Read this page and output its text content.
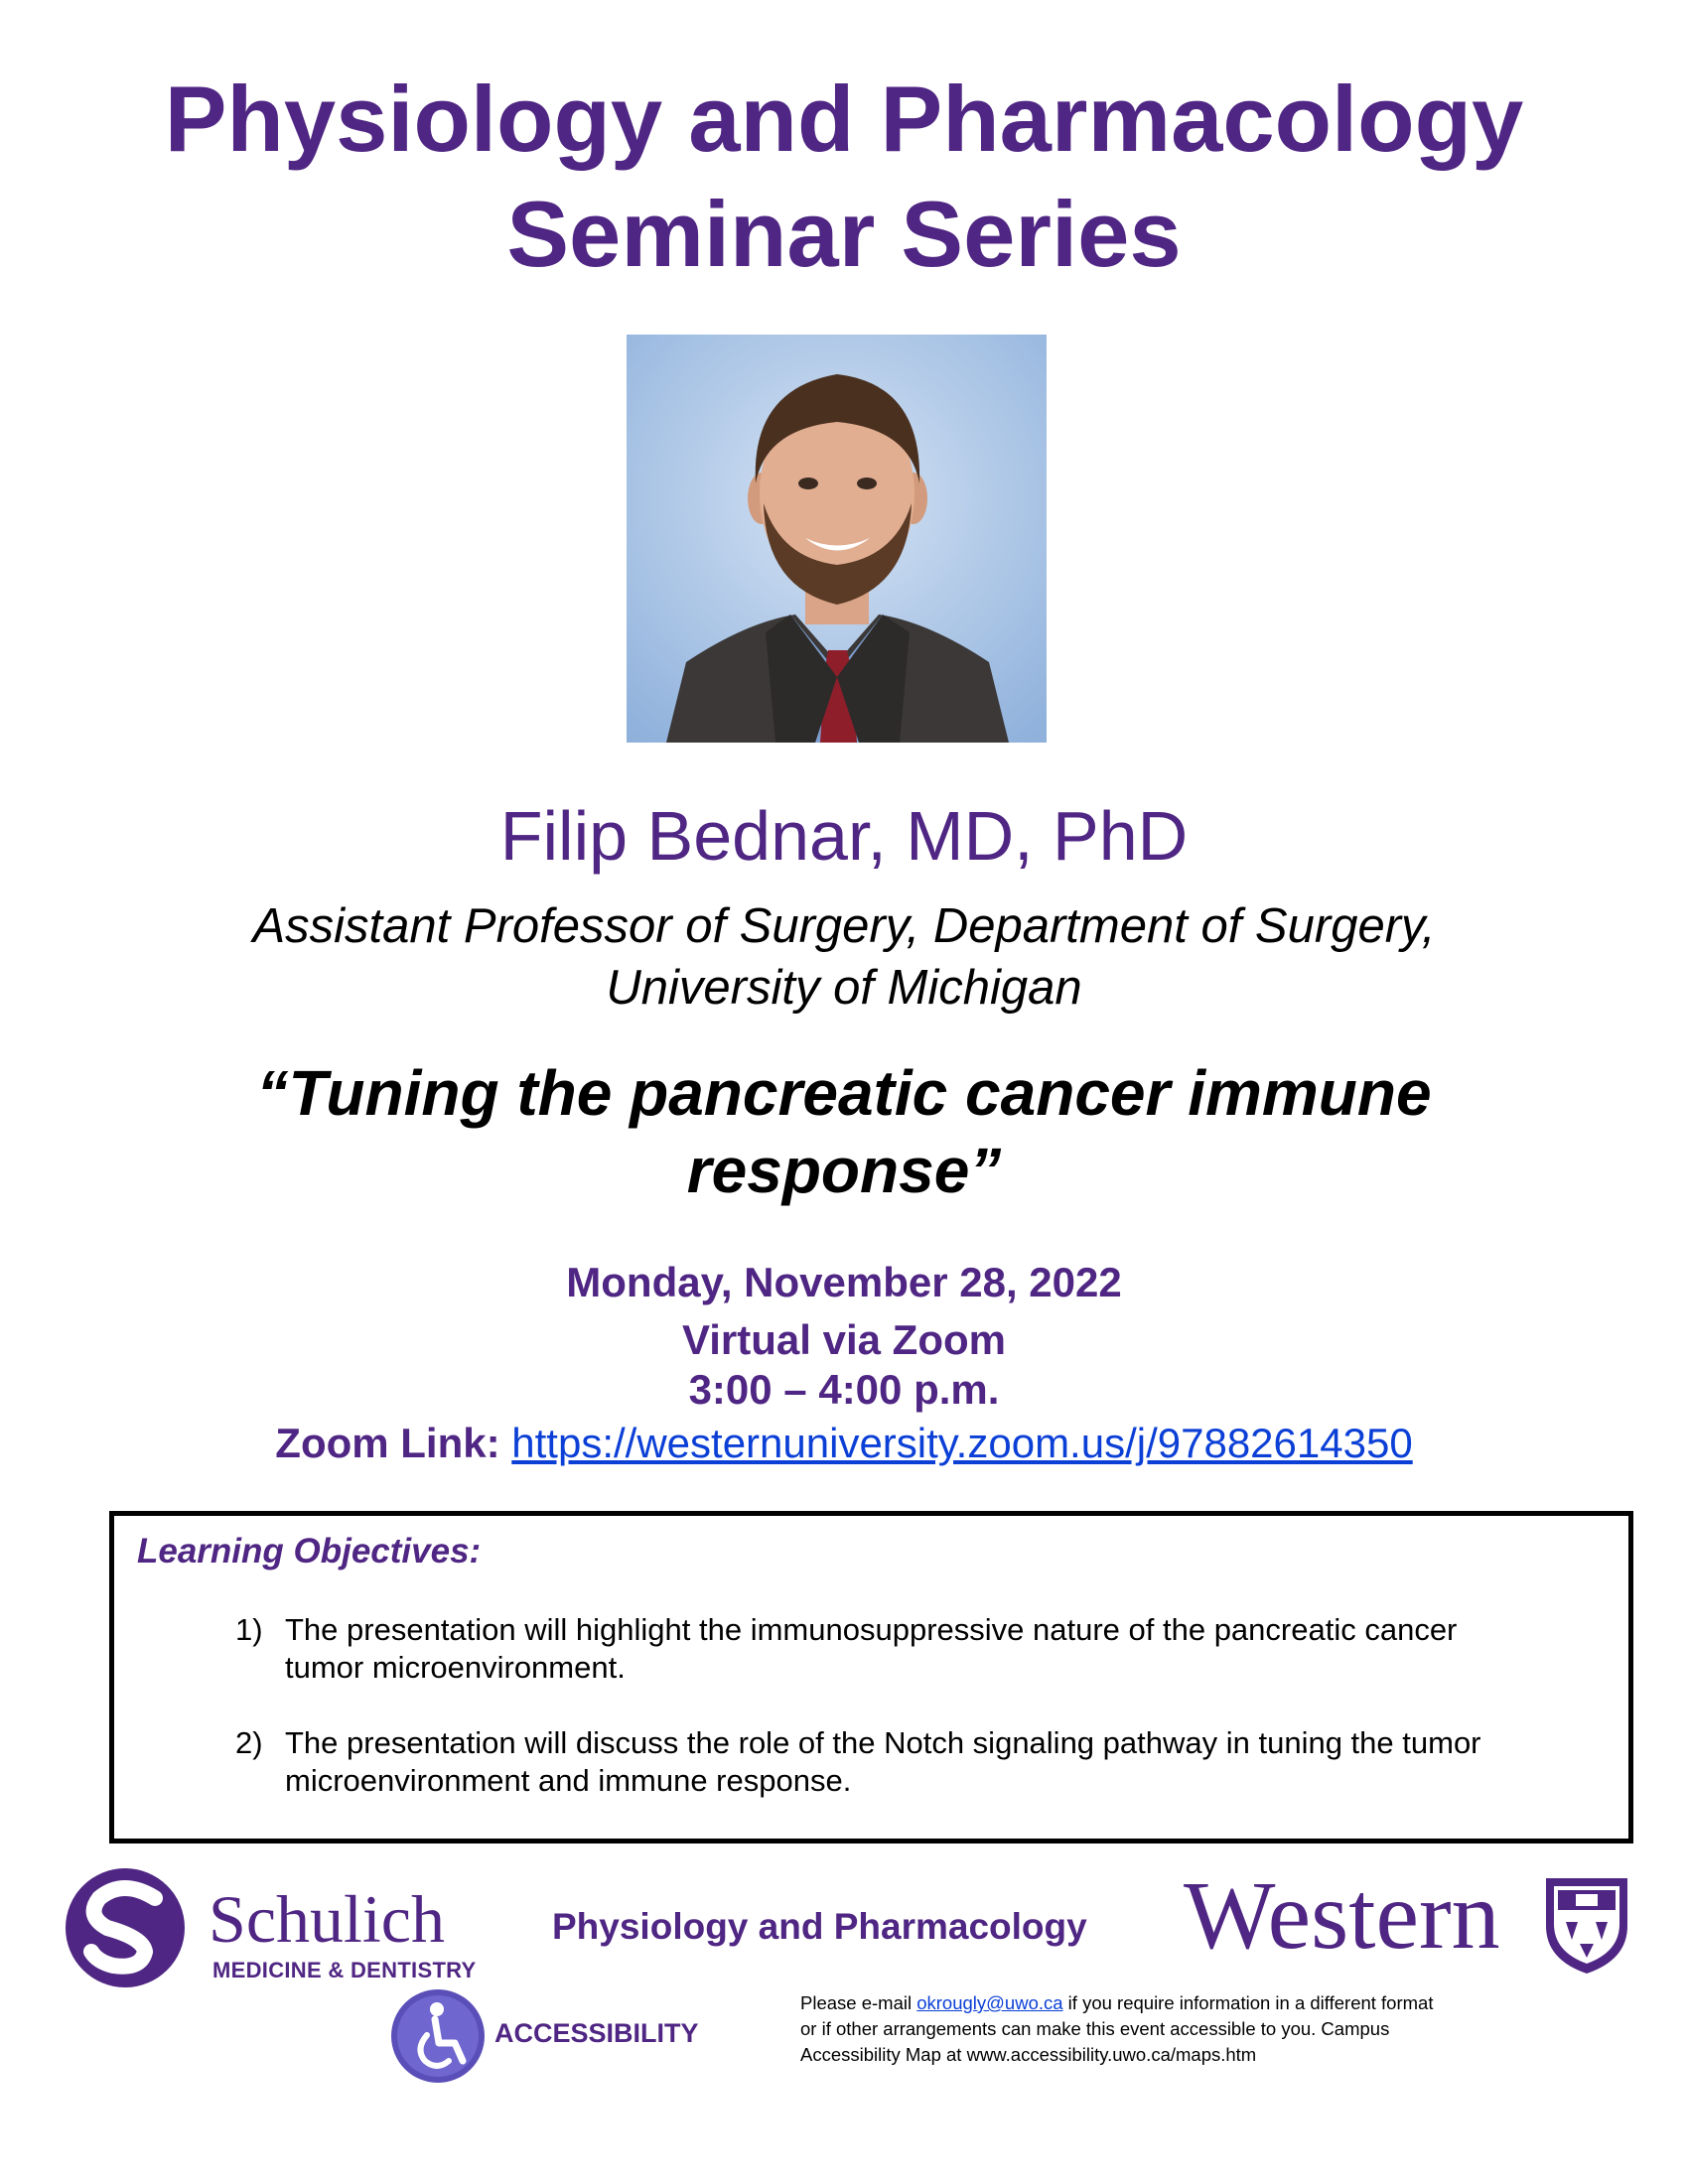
Physiology and Pharmacology
Seminar Series
Filip Bednar, MD, PhD
Assistant Professor of Surgery, Department of Surgery,
University of Michigan
“Tuning the pancreatic cancer immune
response”
Monday, November 28, 2022
Virtual via Zoom
3:00 – 4:00 p.m.
Zoom Link: https://westernuniversity.zoom.us/j/97882614350
Learning Objectives:
1) The presentation will highlight the immunosuppressive nature of the pancreatic cancer
tumor microenvironment.
2) The presentation will discuss the role of the Notch signaling pathway in tuning the tumor
microenvironment and immune response.
Schulich
MEDICINE & DENTISTRY
Physiology and Pharmacology Western
ACCESSIBILITY
Please e-mail okrougly@uwo.ca if you require information in a different format
or if other arrangements can make this event accessible to you. Campus
Accessibility Map at www.accessibility.uwo.ca/maps.htm
